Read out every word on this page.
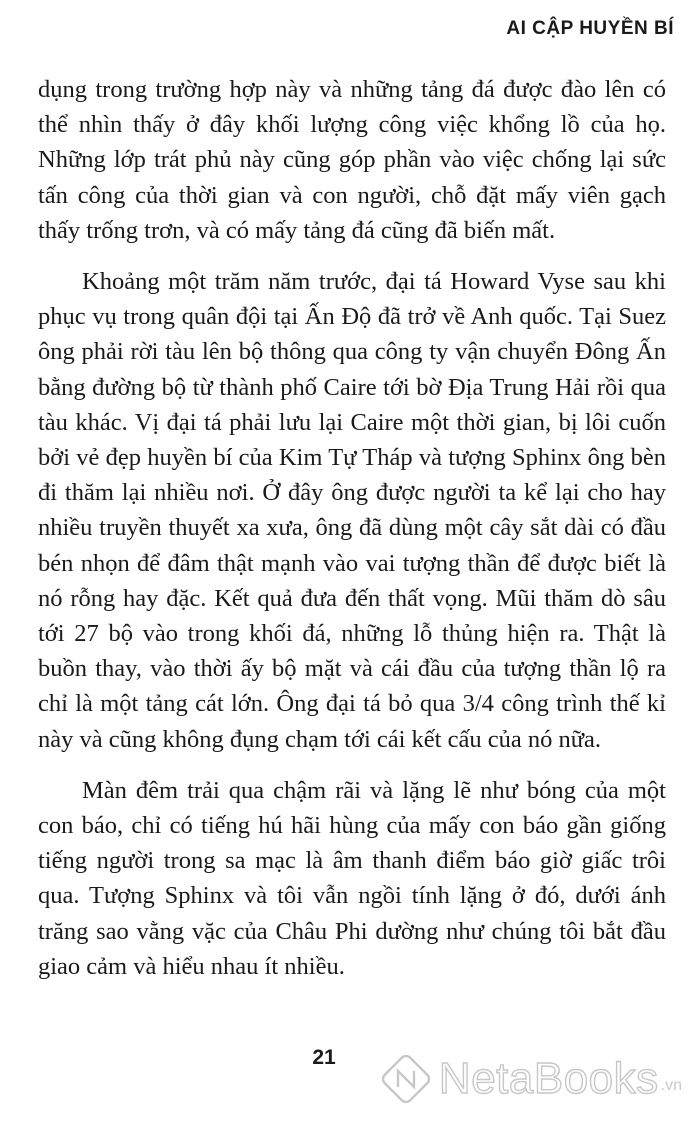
AI CẬP HUYỀN BÍ

dụng trong trường hợp này và những tảng đá được đào lên có thể nhìn thấy ở đây khối lượng công việc khổng lồ của họ. Những lớp trát phủ này cũng góp phần vào việc chống lại sức tấn công của thời gian và con người, chỗ đặt mấy viên gạch thấy trống trơn, và có mấy tảng đá cũng đã biến mất.

Khoảng một trăm năm trước, đại tá Howard Vyse sau khi phục vụ trong quân đội tại Ấn Độ đã trở về Anh quốc. Tại Suez ông phải rời tàu lên bộ thông qua công ty vận chuyển Đông Ấn bằng đường bộ từ thành phố Caire tới bờ Địa Trung Hải rồi qua tàu khác. Vị đại tá phải lưu lại Caire một thời gian, bị lôi cuốn bởi vẻ đẹp huyền bí của Kim Tự Tháp và tượng Sphinx ông bèn đi thăm lại nhiều nơi. Ở đây ông được người ta kể lại cho hay nhiều truyền thuyết xa xưa, ông đã dùng một cây sắt dài có đầu bén nhọn để đâm thật mạnh vào vai tượng thần để được biết là nó rỗng hay đặc. Kết quả đưa đến thất vọng. Mũi thăm dò sâu tới 27 bộ vào trong khối đá, những lỗ thủng hiện ra. Thật là buồn thay, vào thời ấy bộ mặt và cái đầu của tượng thần lộ ra chỉ là một tảng cát lớn. Ông đại tá bỏ qua 3/4 công trình thế kỉ này và cũng không đụng chạm tới cái kết cấu của nó nữa.

Màn đêm trải qua chậm rãi và lặng lẽ như bóng của một con báo, chỉ có tiếng hú hãi hùng của mấy con báo gần giống tiếng người trong sa mạc là âm thanh điểm báo giờ giấc trôi qua. Tượng Sphinx và tôi vẫn ngồi tính lặng ở đó, dưới ánh trăng sao vằng vặc của Châu Phi dường như chúng tôi bắt đầu giao cảm và hiểu nhau ít nhiều.

21	NetaBooks .vn
